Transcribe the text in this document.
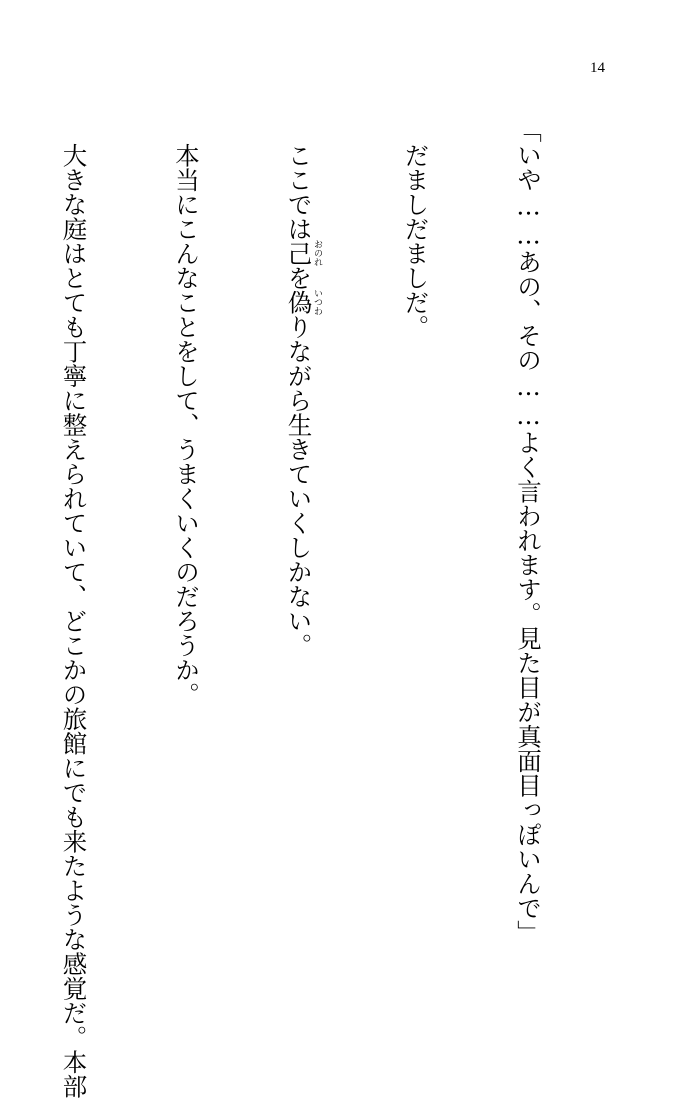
14

「いや……あの、その……よく言われます。見た目が真面目っぽいんで」

だましだましだ。

ここでは己おのれを偽いつわりながら生きていくしかない。

本当にこんなことをして、うまくいくのだろうか。

大きな庭はとても丁寧に整えられていて、どこかの旅館にでも来たような感覚だ。本部
